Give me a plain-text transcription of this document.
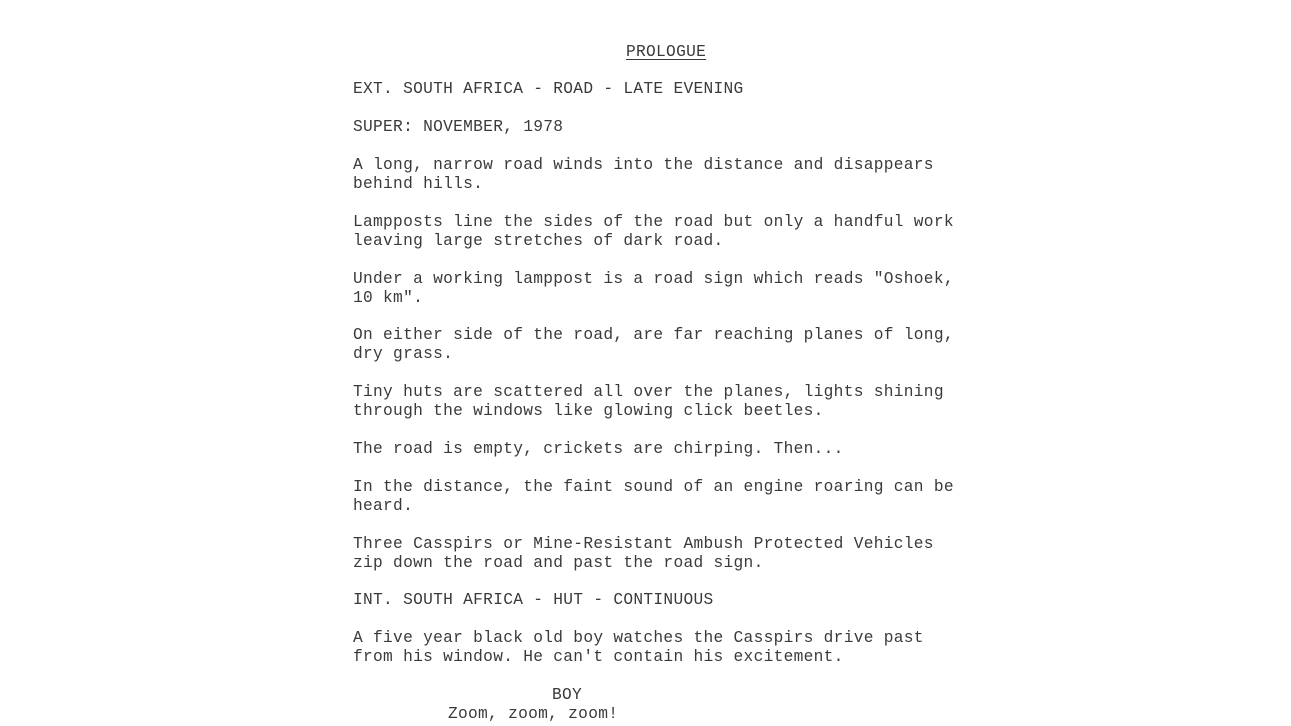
PROLOGUE
EXT. SOUTH AFRICA - ROAD - LATE EVENING
SUPER: NOVEMBER, 1978
A long, narrow road winds into the distance and disappears
behind hills.
Lampposts line the sides of the road but only a handful work
leaving large stretches of dark road.
Under a working lamppost is a road sign which reads "Oshoek,
10 km".
On either side of the road, are far reaching planes of long,
dry grass.
Tiny huts are scattered all over the planes, lights shining
through the windows like glowing click beetles.
The road is empty, crickets are chirping. Then...
In the distance, the faint sound of an engine roaring can be
heard.
Three Casspirs or Mine-Resistant Ambush Protected Vehicles
zip down the road and past the road sign.
INT. SOUTH AFRICA - HUT - CONTINUOUS
A five year black old boy watches the Casspirs drive past
from his window. He can't contain his excitement.
BOY
Zoom, zoom, zoom!
